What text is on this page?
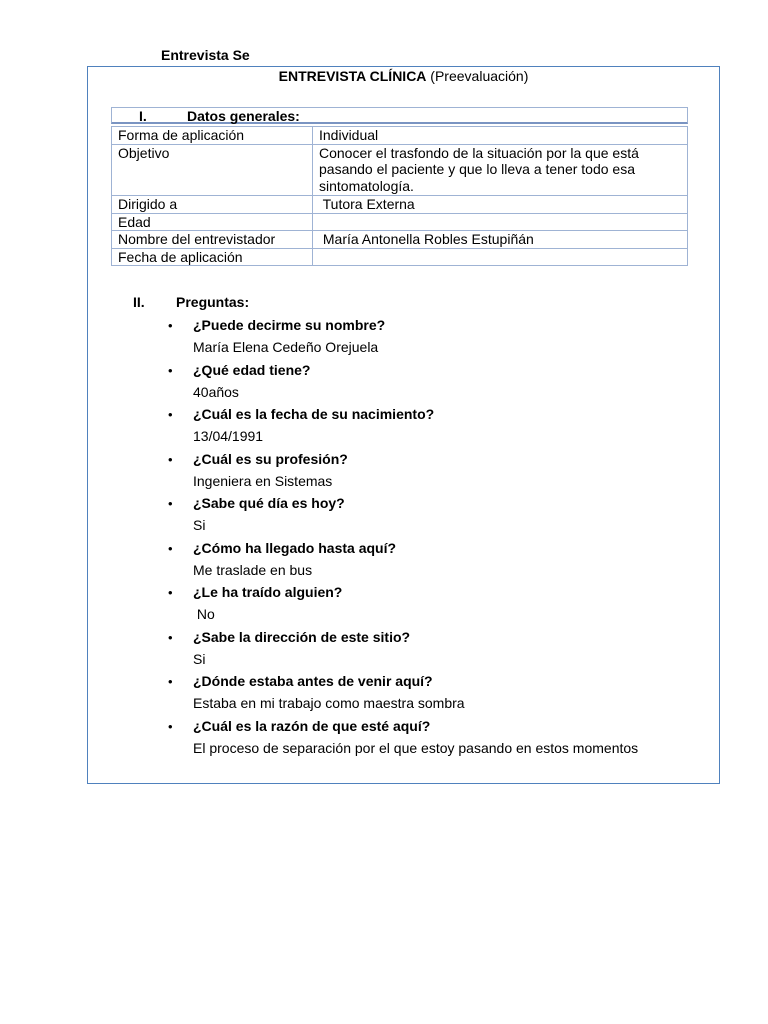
Entrevista Se
ENTREVISTA CLÍNICA (Preevaluación)
I.	Datos generales:
Forma de aplicación	Individual
Objetivo	Conocer el trasfondo de la situación por la que está pasando el paciente y que lo lleva a tener todo esa sintomatología.
Dirigido a	Tutora Externa
Edad	
Nombre del entrevistador	María Antonella Robles Estupiñán
Fecha de aplicación	
II. Preguntas:
• ¿Puede decirme su nombre?
María Elena Cedeño Orejuela
• ¿Qué edad tiene?
40años
• ¿Cuál es la fecha de su nacimiento?
13/04/1991
• ¿Cuál es su profesión?
Ingeniera en Sistemas
• ¿Sabe qué día es hoy?
Si
• ¿Cómo ha llegado hasta aquí?
Me traslade en bus
• ¿Le ha traído alguien?
No
• ¿Sabe la dirección de este sitio?
Si
• ¿Dónde estaba antes de venir aquí?
Estaba en mi trabajo como maestra sombra
• ¿Cuál es la razón de que esté aquí?
El proceso de separación por el que estoy pasando en estos momentos
